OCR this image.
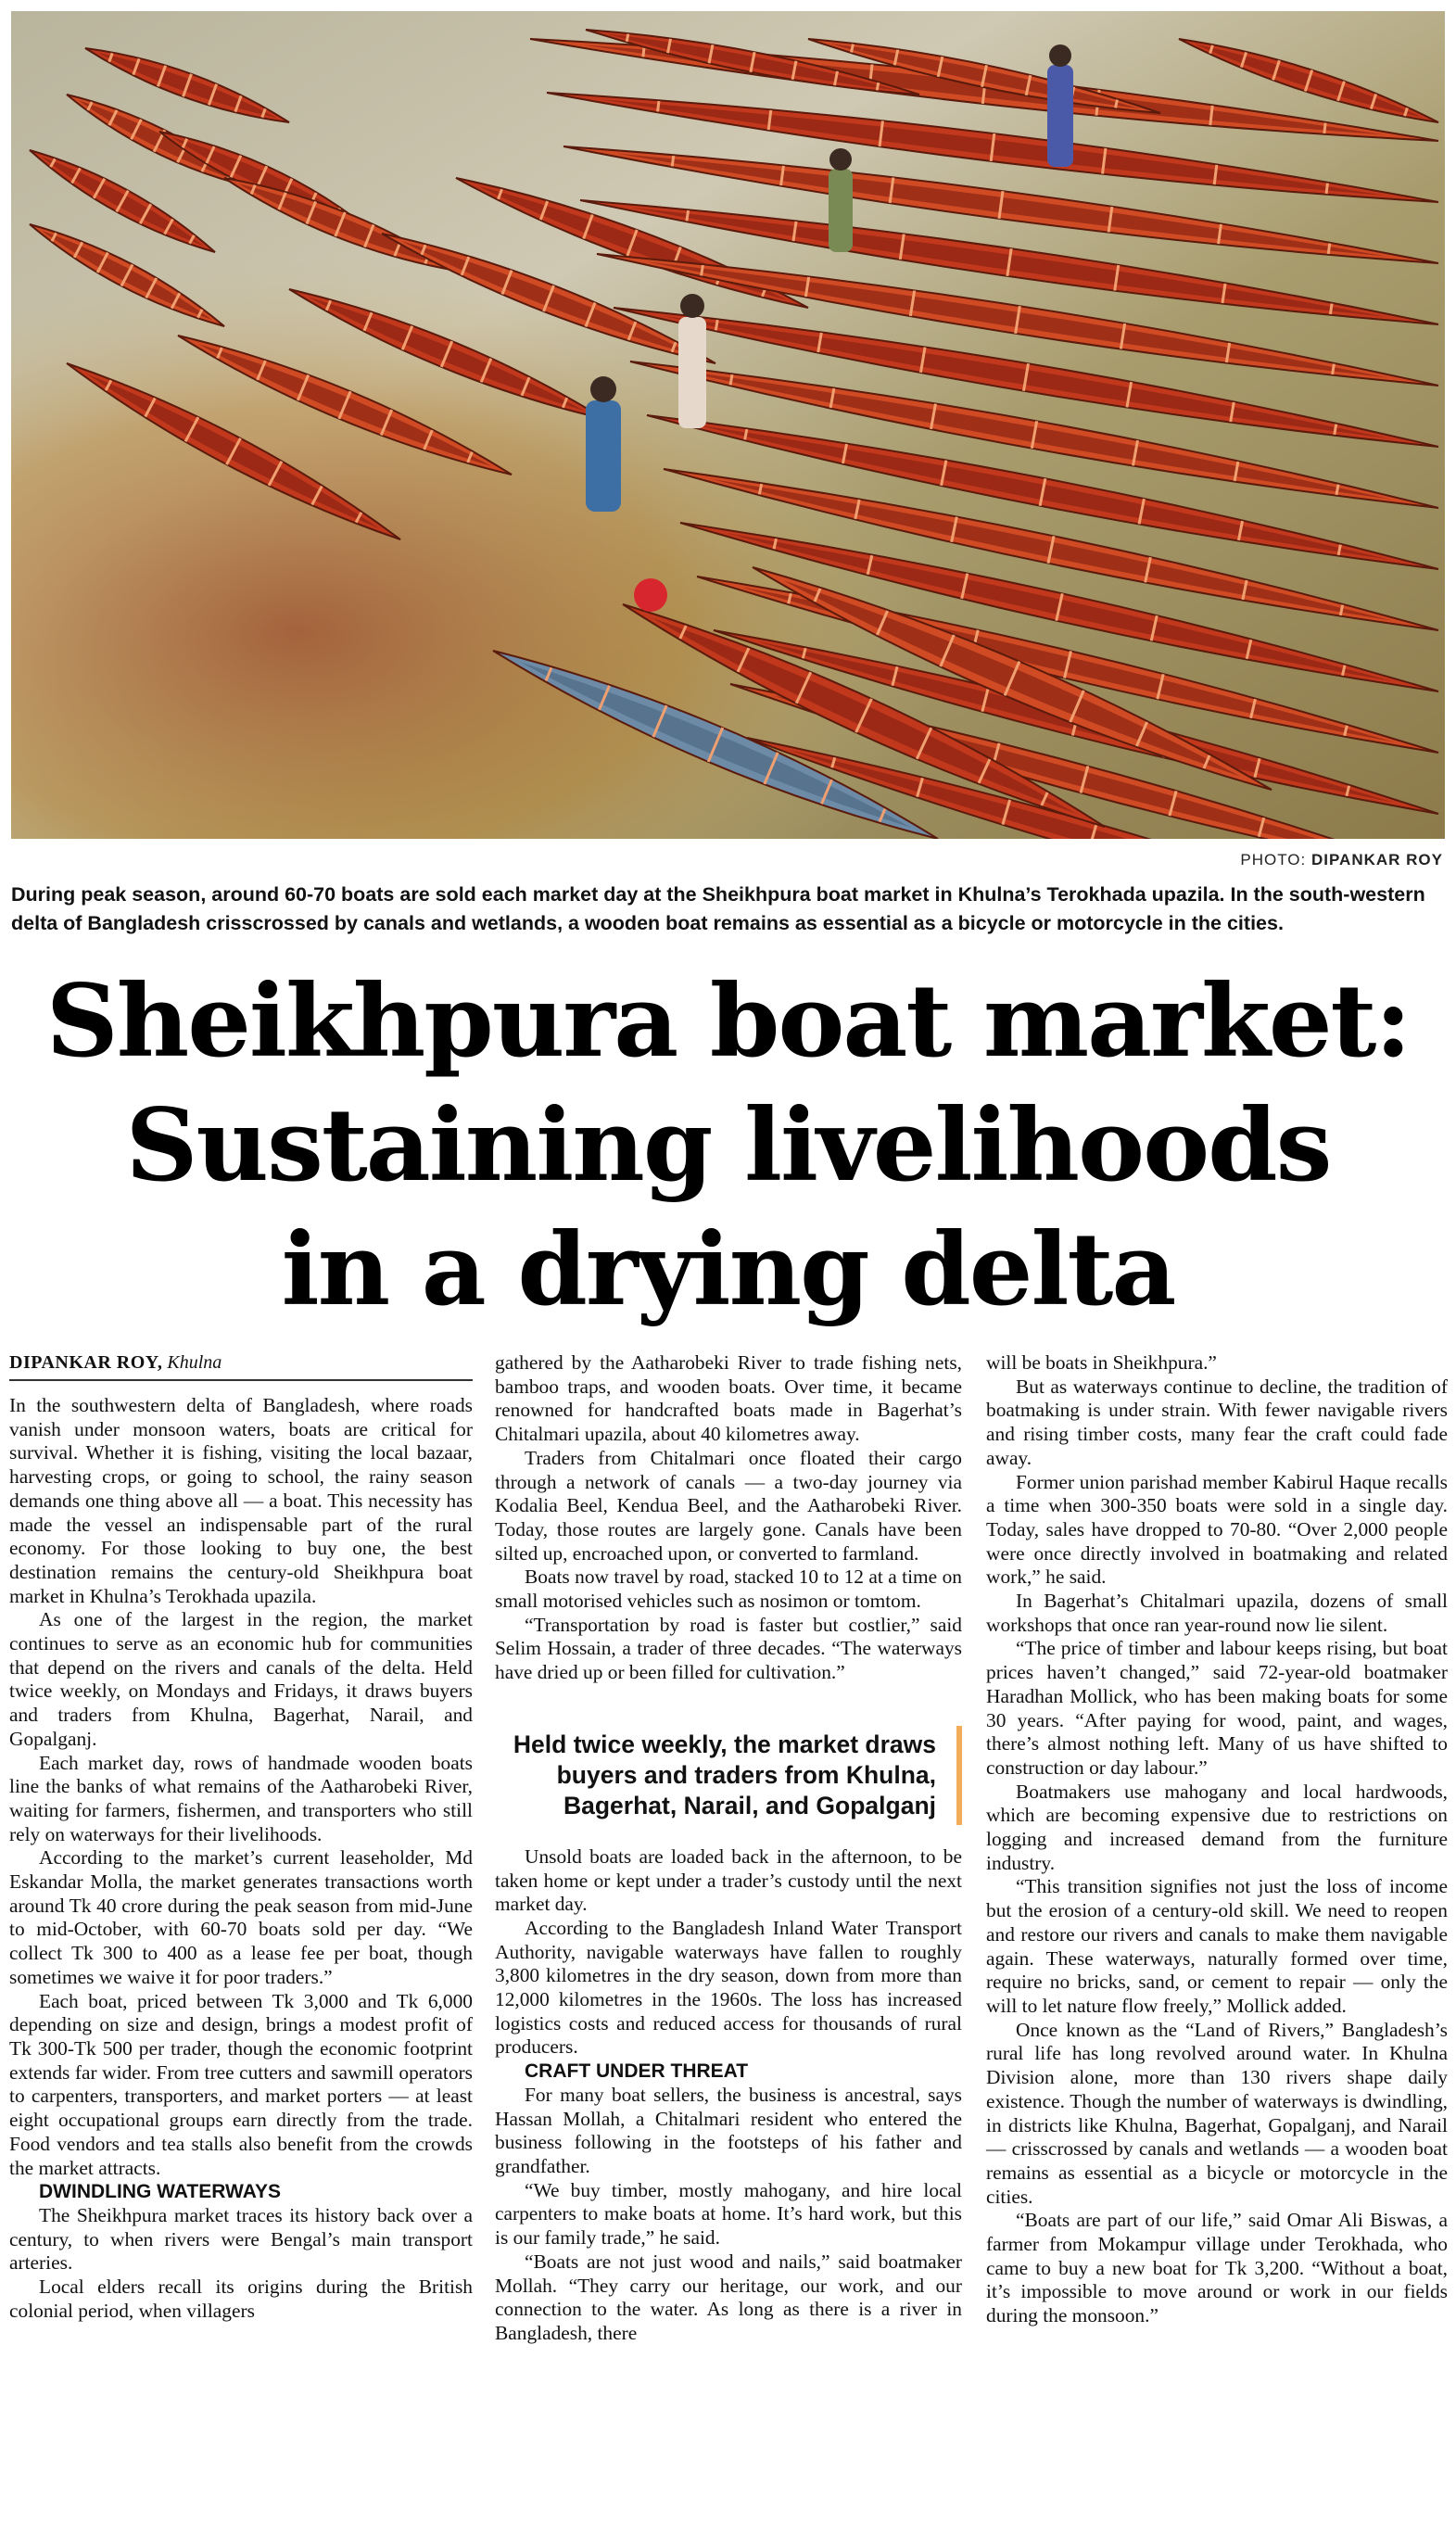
PHOTO: DIPANKAR ROY
During peak season, around 60-70 boats are sold each market day at the Sheikhpura boat market in Khulna’s Terokhada upazila. In the south-western delta of Bangladesh crisscrossed by canals and wetlands, a wooden boat remains as essential as a bicycle or motorcycle in the cities.
Sheikhpura boat market:
Sustaining livelihoods
in a drying delta
DIPANKAR ROY, Khulna

In the southwestern delta of Bangladesh, where roads vanish under monsoon waters, boats are critical for survival. Whether it is fishing, visiting the local bazaar, harvesting crops, or going to school, the rainy season demands one thing above all — a boat. This necessity has made the vessel an indispensable part of the rural economy. For those looking to buy one, the best destination remains the century-old Sheikhpura boat market in Khulna’s Terokhada upazila.

As one of the largest in the region, the market continues to serve as an economic hub for communities that depend on the rivers and canals of the delta. Held twice weekly, on Mondays and Fridays, it draws buyers and traders from Khulna, Bagerhat, Narail, and Gopalganj.

Each market day, rows of handmade wooden boats line the banks of what remains of the Aatharobeki River, waiting for farmers, fishermen, and transporters who still rely on waterways for their livelihoods.

According to the market’s current leaseholder, Md Eskandar Molla, the market generates transactions worth around Tk 40 crore during the peak season from mid-June to mid-October, with 60-70 boats sold per day. “We collect Tk 300 to 400 as a lease fee per boat, though sometimes we waive it for poor traders.”

Each boat, priced between Tk 3,000 and Tk 6,000 depending on size and design, brings a modest profit of Tk 300-Tk 500 per trader, though the economic footprint extends far wider. From tree cutters and sawmill operators to carpenters, transporters, and market porters — at least eight occupational groups earn directly from the trade. Food vendors and tea stalls also benefit from the crowds the market attracts.

DWINDLING WATERWAYS

The Sheikhpura market traces its history back over a century, to when rivers were Bengal’s main transport arteries.

Local elders recall its origins during the British colonial period, when villagers

gathered by the Aatharobeki River to trade fishing nets, bamboo traps, and wooden boats. Over time, it became renowned for handcrafted boats made in Bagerhat’s Chitalmari upazila, about 40 kilometres away.

Traders from Chitalmari once floated their cargo through a network of canals — a two-day journey via Kodalia Beel, Kendua Beel, and the Aatharobeki River. Today, those routes are largely gone. Canals have been silted up, encroached upon, or converted to farmland.

Boats now travel by road, stacked 10 to 12 at a time on small motorised vehicles such as nosimon or tomtom.

“Transportation by road is faster but costlier,” said Selim Hossain, a trader of three decades. “The waterways have dried up or been filled for cultivation.”

Held twice weekly, the market draws buyers and traders from Khulna, Bagerhat, Narail, and Gopalganj

Unsold boats are loaded back in the afternoon, to be taken home or kept under a trader’s custody until the next market day.

According to the Bangladesh Inland Water Transport Authority, navigable waterways have fallen to roughly 3,800 kilometres in the dry season, down from more than 12,000 kilometres in the 1960s. The loss has increased logistics costs and reduced access for thousands of rural producers.

CRAFT UNDER THREAT

For many boat sellers, the business is ancestral, says Hassan Mollah, a Chitalmari resident who entered the business following in the footsteps of his father and grandfather.

“We buy timber, mostly mahogany, and hire local carpenters to make boats at home. It’s hard work, but this is our family trade,” he said.

“Boats are not just wood and nails,” said boatmaker Mollah. “They carry our heritage, our work, and our connection to the water. As long as there is a river in Bangladesh, there

will be boats in Sheikhpura.”

But as waterways continue to decline, the tradition of boatmaking is under strain. With fewer navigable rivers and rising timber costs, many fear the craft could fade away.

Former union parishad member Kabirul Haque recalls a time when 300-350 boats were sold in a single day. Today, sales have dropped to 70-80. “Over 2,000 people were once directly involved in boatmaking and related work,” he said.

In Bagerhat’s Chitalmari upazila, dozens of small workshops that once ran year-round now lie silent.

“The price of timber and labour keeps rising, but boat prices haven’t changed,” said 72-year-old boatmaker Haradhan Mollick, who has been making boats for some 30 years. “After paying for wood, paint, and wages, there’s almost nothing left. Many of us have shifted to construction or day labour.”

Boatmakers use mahogany and local hardwoods, which are becoming expensive due to restrictions on logging and increased demand from the furniture industry.

“This transition signifies not just the loss of income but the erosion of a century-old skill. We need to reopen and restore our rivers and canals to make them navigable again. These waterways, naturally formed over time, require no bricks, sand, or cement to repair — only the will to let nature flow freely,” Mollick added.

Once known as the “Land of Rivers,” Bangladesh’s rural life has long revolved around water. In Khulna Division alone, more than 130 rivers shape daily existence. Though the number of waterways is dwindling, in districts like Khulna, Bagerhat, Gopalganj, and Narail — crisscrossed by canals and wetlands — a wooden boat remains as essential as a bicycle or motorcycle in the cities.

“Boats are part of our life,” said Omar Ali Biswas, a farmer from Mokampur village under Terokhada, who came to buy a new boat for Tk 3,200. “Without a boat, it’s impossible to move around or work in our fields during the monsoon.”
